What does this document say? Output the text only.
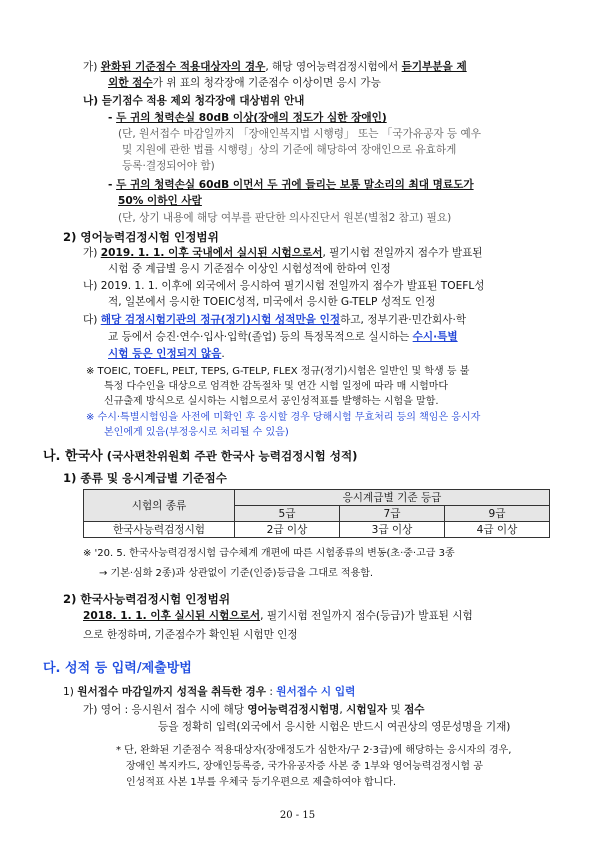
가) 완화된 기준점수 적용대상자의 경우, 해당 영어능력검정시험에서 듣기부분을 제
외한 점수가 위 표의 청각장애 기준점수 이상이면 응시 가능
나) 듣기점수 적용 제외 청각장애 대상범위 안내
- 두 귀의 청력손실 80dB 이상(장애의 정도가 심한 장애인)
(단, 원서접수 마감일까지 「장애인복지법 시행령」 또는 「국가유공자 등 예우
및 지원에 관한 법률 시행령」상의 기준에 해당하여 장애인으로 유효하게
등록·결정되어야 함)
- 두 귀의 청력손실 60dB 이먼서 두 귀에 들리는 보통 말소리의 최대 명료도가
50% 이하인 사람
(단, 상기 내용에 해당 여부를 판단한 의사진단서 원본(별첨2 참고) 필요)
2) 영어능력검정시험 인정범위
가) 2019. 1. 1. 이후 국내에서 실시된 시험으로서, 필기시험 전일까지 점수가 발표된
시험 중 계급별 응시 기준점수 이상인 시험성적에 한하여 인정
나) 2019. 1. 1. 이후에 외국에서 응시하여 필기시험 전일까지 점수가 발표된 TOEFL성
적, 일본에서 응시한 TOEIC성적, 미국에서 응시한 G-TELP 성적도 인정
다) 해당 검정시험기관의 정규(정기)시험 성적만을 인정하고, 정부기관·민간회사·학
교 등에서 승진·연수·입사·입학(졸업) 등의 특정목적으로 실시하는 수시·특별
시험 등은 인정되지 않음.
※ TOEIC, TOEFL, PELT, TEPS, G-TELP, FLEX 정규(정기)시험은 일반인 및 학생 등 불
특정 다수인을 대상으로 엄격한 감독절차 및 연간 시험 일정에 따라 매 시험마다
신규출제 방식으로 실시하는 시험으로서 공인성적표를 발행하는 시험을 말함.
※ 수시·특별시험임을 사전에 미확인 후 응시할 경우 당해시험 무효처리 등의 책임은 응시자
본인에게 있음(부정응시로 처리될 수 있음)
나. 한국사 (국사편찬위원회 주관 한국사 능력검정시험 성적)
1) 종류 및 응시계급별 기준점수
시험의 종류	응시계급별 기준 등급		
	5급	7급	9급
한국사능력검정시험	2급 이상	3급 이상	4급 이상
※ '20. 5. 한국사능력검정시험 급수체계 개편에 따른 시험종류의 변동(초·중·고급 3종
→ 기본·심화 2종)과 상관없이 기준(인증)등급을 그대로 적용함.
2) 한국사능력검정시험 인정범위
2018. 1. 1. 이후 실시된 시험으로서, 필기시험 전일까지 점수(등급)가 발표된 시험
으로 한정하며, 기준점수가 확인된 시험만 인정
다. 성적 등 입력/제출방법
1) 원서접수 마감일까지 성적을 취득한 경우 : 원서접수 시 입력
가) 영어 : 응시원서 접수 시에 해당 영어능력검정시험명, 시험일자 및 점수
등을 정확히 입력(외국에서 응시한 시험은 반드시 여권상의 영문성명을 기재)
* 단, 완화된 기준점수 적용대상자(장애정도가 심한자/구 2·3급)에 해당하는 응시자의 경우,
장애인 복지카드, 장애인등록증, 국가유공자증 사본 중 1부와 영어능력검정시험 공
인성적표 사본 1부를 우체국 등기우편으로 제출하여야 합니다.
20 - 15
